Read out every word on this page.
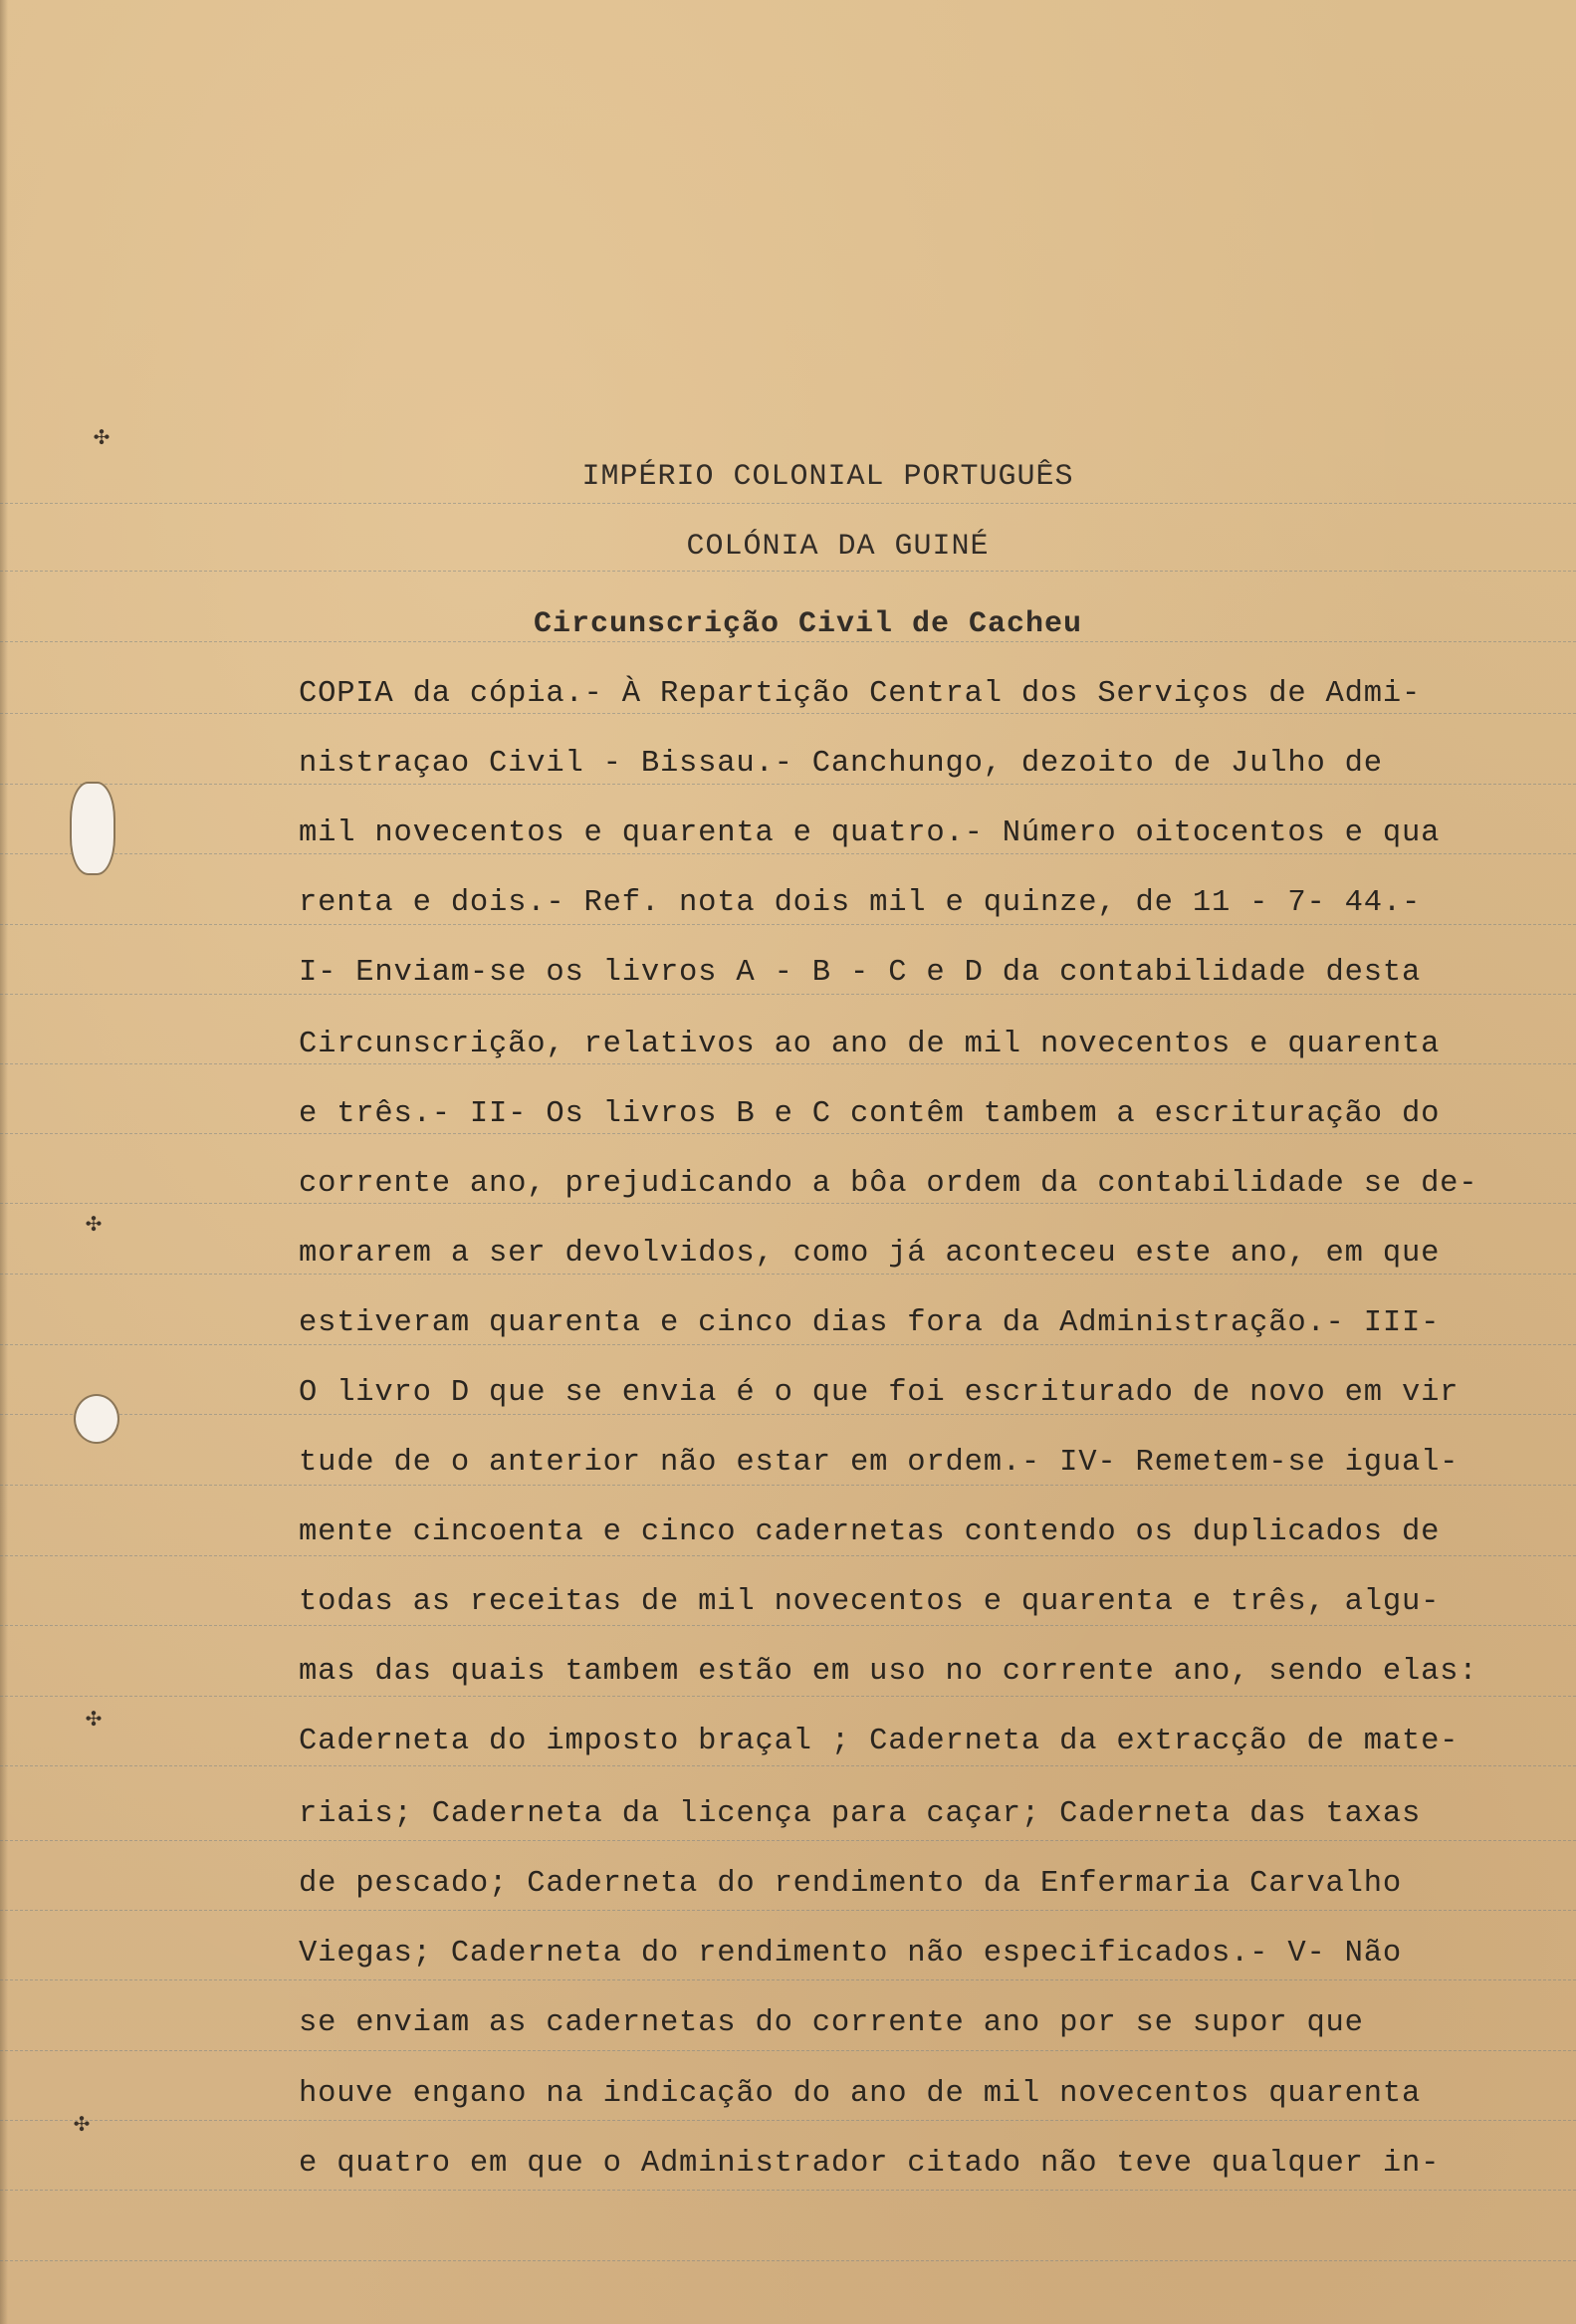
✣
✣
✣
✣
IMPÉRIO COLONIAL PORTUGUÊS
COLÓNIA DA GUINÉ
Circunscrição Civil de Cacheu
COPIA da cópia.- À Repartição Central dos Serviços de Admi-
nistraçao Civil - Bissau.- Canchungo, dezoito de Julho de
mil novecentos e quarenta e quatro.- Número oitocentos e qua
renta e dois.- Ref. nota dois mil e quinze, de 11 - 7- 44.-
I- Enviam-se os livros A - B - C e D da contabilidade desta
Circunscrição, relativos ao ano de mil novecentos e quarenta
e três.- II- Os livros B e C contêm tambem a escrituração do
corrente ano, prejudicando a bôa ordem da contabilidade se de-
morarem a ser devolvidos, como já aconteceu este ano, em que
estiveram quarenta e cinco dias fora da Administração.- III-
O livro D que se envia é o que foi escriturado de novo em vir
tude de o anterior não estar em ordem.- IV- Remetem-se igual-
mente cincoenta e cinco cadernetas contendo os duplicados de
todas as receitas de mil novecentos e quarenta e três, algu-
mas das quais tambem estão em uso no corrente ano, sendo elas:
Caderneta do imposto braçal ; Caderneta da extracção de mate-
riais; Caderneta da licença para caçar; Caderneta das taxas
de pescado; Caderneta do rendimento da Enfermaria Carvalho
Viegas; Caderneta do rendimento não especificados.- V- Não
se enviam as cadernetas do corrente ano por se supor que
houve engano na indicação do ano de mil novecentos quarenta
e quatro em que o Administrador citado não teve qualquer in-
